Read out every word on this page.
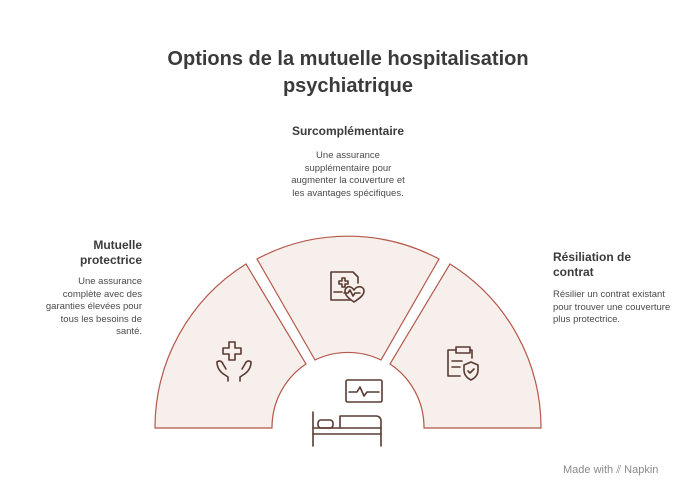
Options de la mutuelle hospitalisation
psychiatrique
Surcomplémentaire
Une assurance supplémentaire pour augmenter la couverture et les avantages spécifiques.
Mutuelle
protectrice
Une assurance complète avec des garanties élevées pour tous les besoins de santé.
Résiliation de
contrat
Résilier un contrat existant pour trouver une couverture plus protectrice.
Made with ⫽ Napkin
